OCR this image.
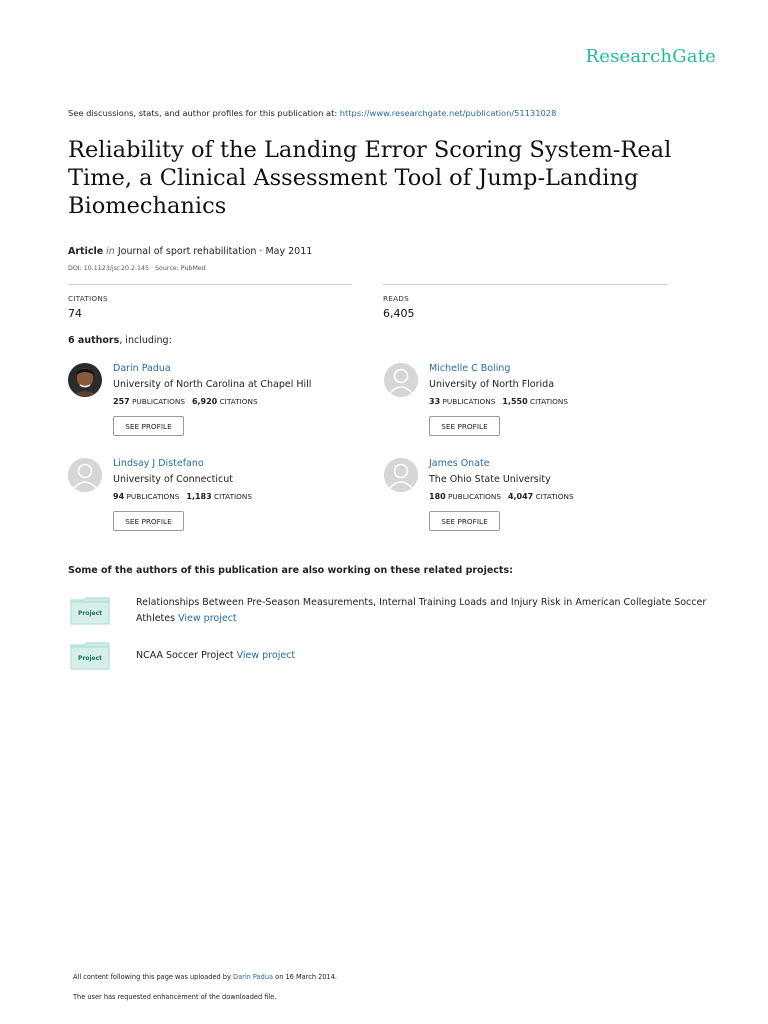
ResearchGate
See discussions, stats, and author profiles for this publication at: https://www.researchgate.net/publication/51131028
Reliability of the Landing Error Scoring System-Real Time, a Clinical Assessment Tool of Jump-Landing Biomechanics
Article in Journal of sport rehabilitation · May 2011
DOI: 10.1123/jsr.20.2.145 · Source: PubMed
CITATIONS
74
READS
6,405
6 authors, including:
Darin Padua
University of North Carolina at Chapel Hill
257 PUBLICATIONS 6,920 CITATIONS
SEE PROFILE
Michelle C Boling
University of North Florida
33 PUBLICATIONS 1,550 CITATIONS
SEE PROFILE
Lindsay J Distefano
University of Connecticut
94 PUBLICATIONS 1,183 CITATIONS
SEE PROFILE
James Onate
The Ohio State University
180 PUBLICATIONS 4,047 CITATIONS
SEE PROFILE
Some of the authors of this publication are also working on these related projects:
Project
Relationships Between Pre-Season Measurements, Internal Training Loads and Injury Risk in American Collegiate Soccer Athletes View project
Project	NCAA Soccer Project View project
All content following this page was uploaded by Darin Padua on 16 March 2014.
The user has requested enhancement of the downloaded file.
